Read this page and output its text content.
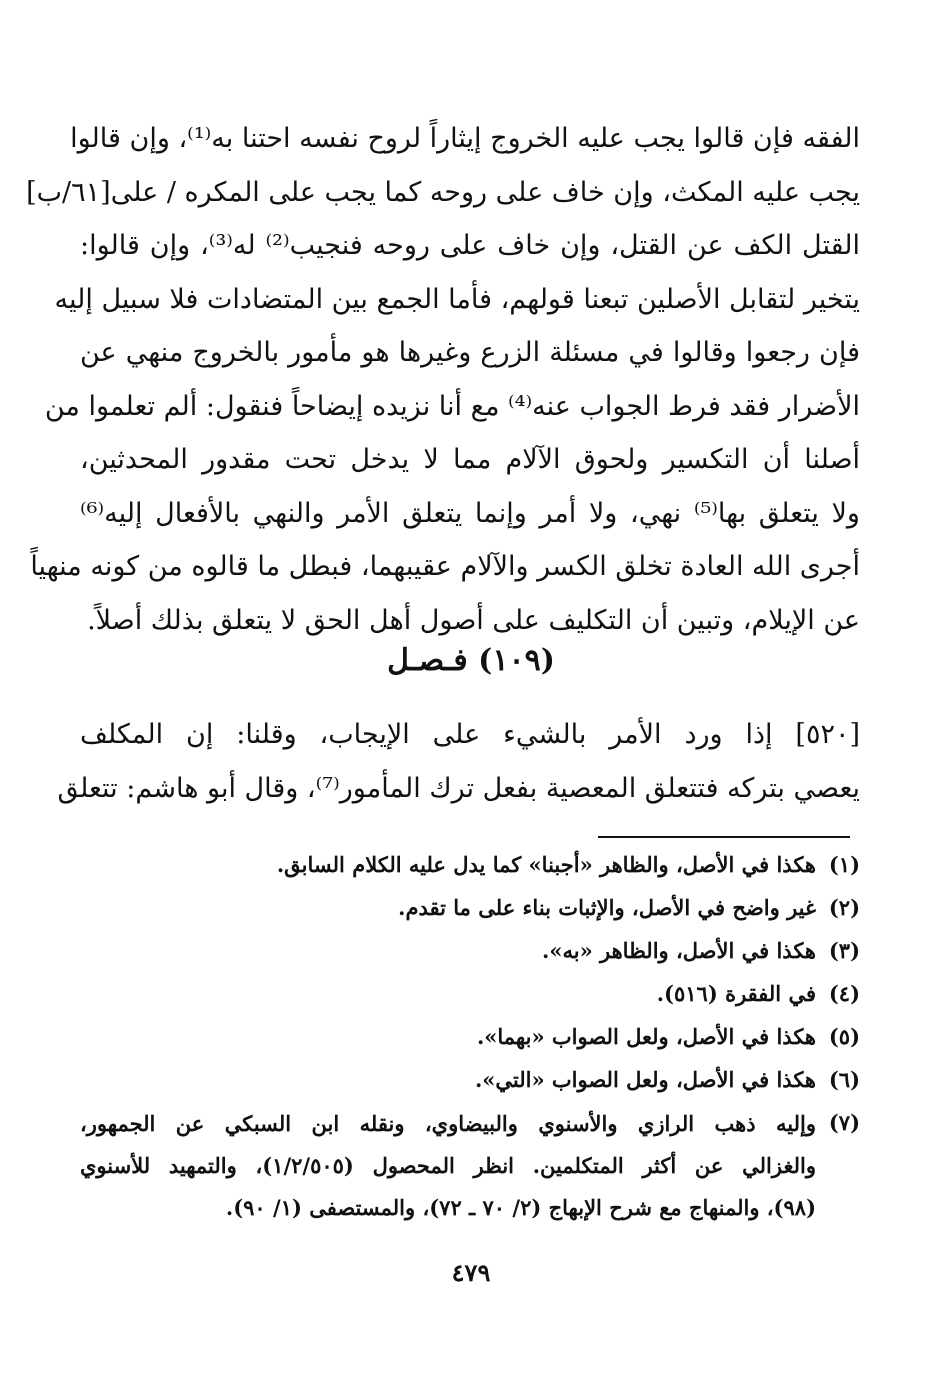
الفقه فإن قالوا يجب عليه الخروج إيثاراً لروح نفسه احتنا به⁽¹⁾، وإن قالوا
يجب عليه المكث، وإن خاف على روحه كما يجب على المكره / على[٦١/ب]
القتل الكف عن القتل، وإن خاف على روحه فنجيب⁽²⁾ له⁽³⁾، وإن قالوا:
يتخير لتقابل الأصلين تبعنا قولهم، فأما الجمع بين المتضادات فلا سبيل إليه
فإن رجعوا وقالوا في مسئلة الزرع وغيرها هو مأمور بالخروج منهي عن
الأضرار فقد فرط الجواب عنه⁽⁴⁾ مع أنا نزيده إيضاحاً فنقول: ألم تعلموا من
أصلنا أن التكسير ولحوق الآلام مما لا يدخل تحت مقدور المحدثين،
ولا يتعلق بها⁽⁵⁾ نهي، ولا أمر وإنما يتعلق الأمر والنهي بالأفعال إليه⁽⁶⁾
أجرى الله العادة تخلق الكسر والآلام عقيبهما، فبطل ما قالوه من كونه منهياً
عن الإيلام، وتبين أن التكليف على أصول أهل الحق لا يتعلق بذلك أصلاً.
(١٠٩) فـصـل
[٥٢٠] إذا ورد الأمر بالشيء على الإيجاب، وقلنا: إن المكلف
يعصي بتركه فتتعلق المعصية بفعل ترك المأمور⁽⁷⁾، وقال أبو هاشم: تتعلق
(١)
هكذا في الأصل، والظاهر «أجبنا» كما يدل عليه الكلام السابق.
(٢)
غير واضح في الأصل، والإثبات بناء على ما تقدم.
(٣)
هكذا في الأصل، والظاهر «به».
(٤)
في الفقرة (٥١٦).
(٥)
هكذا في الأصل، ولعل الصواب «بهما».
(٦)
هكذا في الأصل، ولعل الصواب «التي».
(٧)
وإليه ذهب الرازي والأسنوي والبيضاوي، ونقله ابن السبكي عن الجمهور،
والغزالي عن أكثر المتكلمين. انظر المحصول (١/٢/٥٠٥)، والتمهيد للأسنوي
(٩٨)، والمنهاج مع شرح الإبهاج (٢/ ٧٠ ـ ٧٢)، والمستصفى (١/ ٩٠).
٤٧٩
